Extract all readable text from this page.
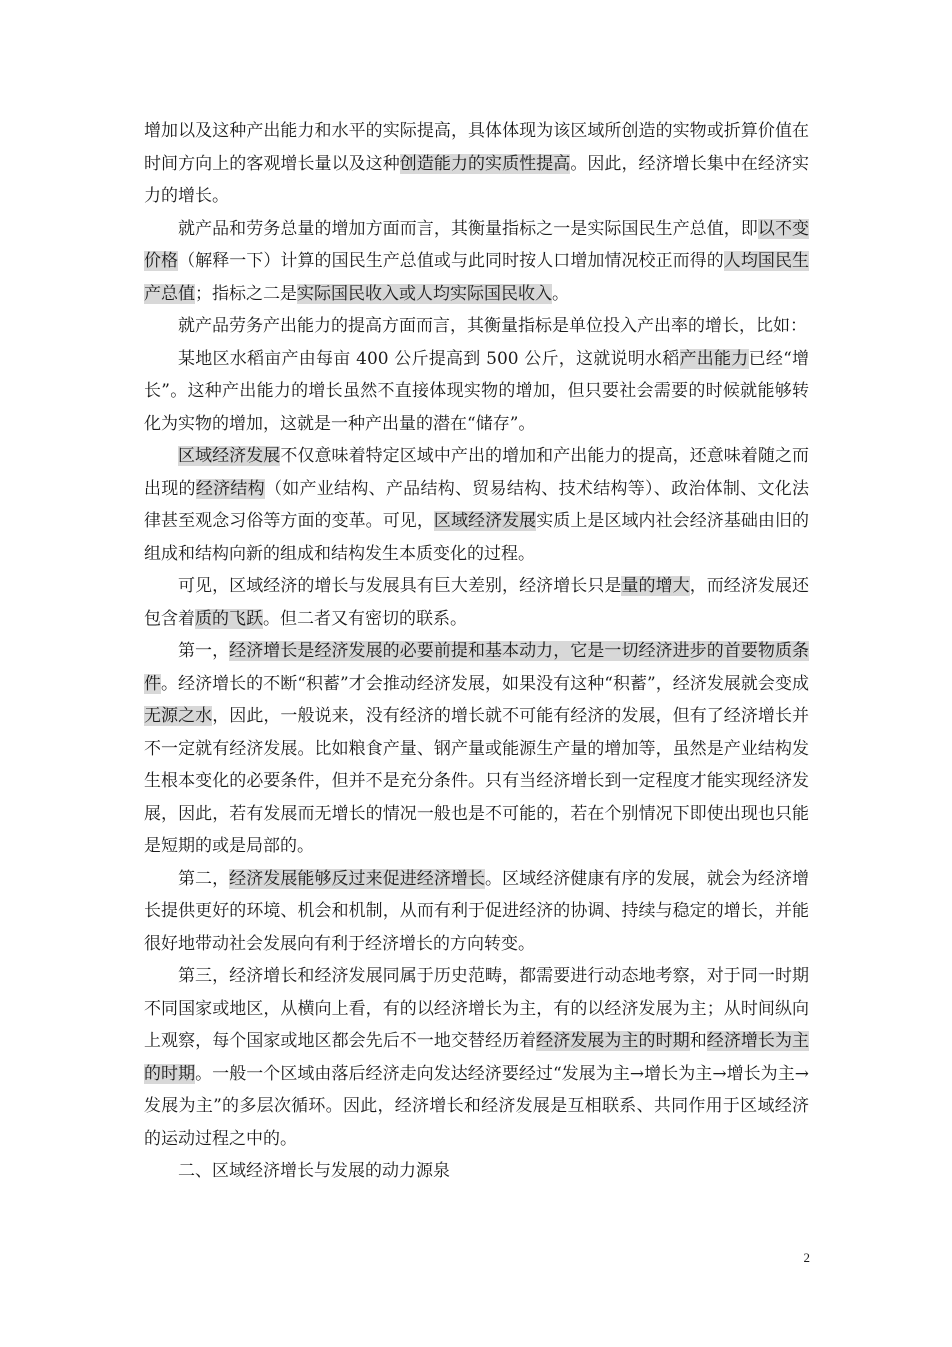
增加以及这种产出能力和水平的实际提高，具体体现为该区域所创造的实物或折算价值在时间方向上的客观增长量以及这种创造能力的实质性提高。因此，经济增长集中在经济实力的增长。

就产品和劳务总量的增加方面而言，其衡量指标之一是实际国民生产总值，即以不变价格（解释一下）计算的国民生产总值或与此同时按人口增加情况校正而得的人均国民生产总值；指标之二是实际国民收入或人均实际国民收入。

就产品劳务产出能力的提高方面而言，其衡量指标是单位投入产出率的增长，比如：

某地区水稻亩产由每亩 400 公斤提高到 500 公斤，这就说明水稻产出能力已经“增长”。这种产出能力的增长虽然不直接体现实物的增加，但只要社会需要的时候就能够转化为实物的增加，这就是一种产出量的潜在“储存”。

区域经济发展不仅意味着特定区域中产出的增加和产出能力的提高，还意味着随之而出现的经济结构（如产业结构、产品结构、贸易结构、技术结构等）、政治体制、文化法律甚至观念习俗等方面的变革。可见，区域经济发展实质上是区域内社会经济基础由旧的组成和结构向新的组成和结构发生本质变化的过程。

可见，区域经济的增长与发展具有巨大差别，经济增长只是量的增大，而经济发展还包含着质的飞跃。但二者又有密切的联系。

第一，经济增长是经济发展的必要前提和基本动力，它是一切经济进步的首要物质条件。经济增长的不断“积蓄”才会推动经济发展，如果没有这种“积蓄”，经济发展就会变成无源之水，因此，一般说来，没有经济的增长就不可能有经济的发展，但有了经济增长并不一定就有经济发展。比如粮食产量、钢产量或能源生产量的增加等，虽然是产业结构发生根本变化的必要条件，但并不是充分条件。只有当经济增长到一定程度才能实现经济发展，因此，若有发展而无增长的情况一般也是不可能的，若在个别情况下即使出现也只能是短期的或是局部的。

第二，经济发展能够反过来促进经济增长。区域经济健康有序的发展，就会为经济增长提供更好的环境、机会和机制，从而有利于促进经济的协调、持续与稳定的增长，并能很好地带动社会发展向有利于经济增长的方向转变。

第三，经济增长和经济发展同属于历史范畴，都需要进行动态地考察，对于同一时期不同国家或地区，从横向上看，有的以经济增长为主，有的以经济发展为主；从时间纵向上观察，每个国家或地区都会先后不一地交替经历着经济发展为主的时期和经济增长为主的时期。一般一个区域由落后经济走向发达经济要经过“发展为主→增长为主→增长为主→发展为主”的多层次循环。因此，经济增长和经济发展是互相联系、共同作用于区域经济的运动过程之中的。

二、区域经济增长与发展的动力源泉

2
